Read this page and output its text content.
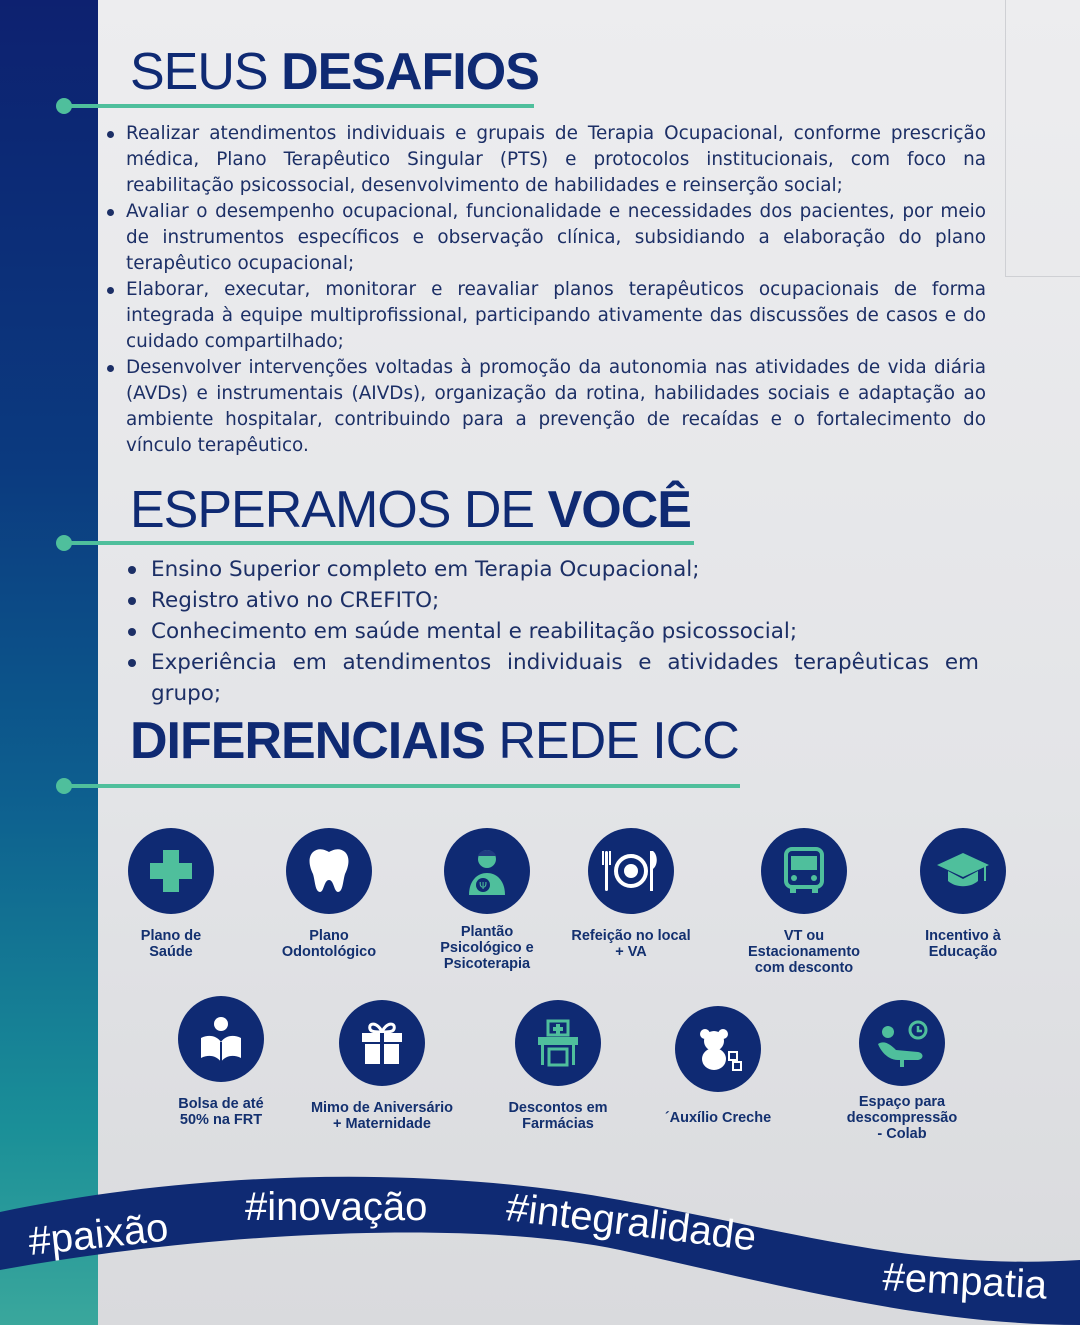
SEUS DESAFIOS
Realizar atendimentos individuais e grupais de Terapia Ocupacional, conforme prescrição médica, Plano Terapêutico Singular (PTS) e protocolos institucionais, com foco na reabilitação psicossocial, desenvolvimento de habilidades e reinserção social;
Avaliar o desempenho ocupacional, funcionalidade e necessidades dos pacientes, por meio de instrumentos específicos e observação clínica, subsidiando a elaboração do plano terapêutico ocupacional;
Elaborar, executar, monitorar e reavaliar planos terapêuticos ocupacionais de forma integrada à equipe multiprofissional, participando ativamente das discussões de casos e do cuidado compartilhado;
Desenvolver intervenções voltadas à promoção da autonomia nas atividades de vida diária (AVDs) e instrumentais (AIVDs), organização da rotina, habilidades sociais e adaptação ao ambiente hospitalar, contribuindo para a prevenção de recaídas e o fortalecimento do vínculo terapêutico.
ESPERAMOS DE VOCÊ
Ensino Superior completo em Terapia Ocupacional;
Registro ativo no CREFITO;
Conhecimento em saúde mental e reabilitação psicossocial;
Experiência em atendimentos individuais e atividades terapêuticas em grupo;
DIFERENCIAIS REDE ICC
Plano de
Saúde
Plano
Odontológico
Ψ
Plantão
Psicológico e
Psicoterapia
Refeição no local
+ VA
VT ou
Estacionamento
com desconto
Incentivo à
Educação
Bolsa de até
50% na FRT
Mimo de Aniversário
+ Maternidade
Descontos em
Farmácias	´Auxílio Creche
Espaço para
descompressão
- Colab
#paixão #inovação #integralidade
#empatia
